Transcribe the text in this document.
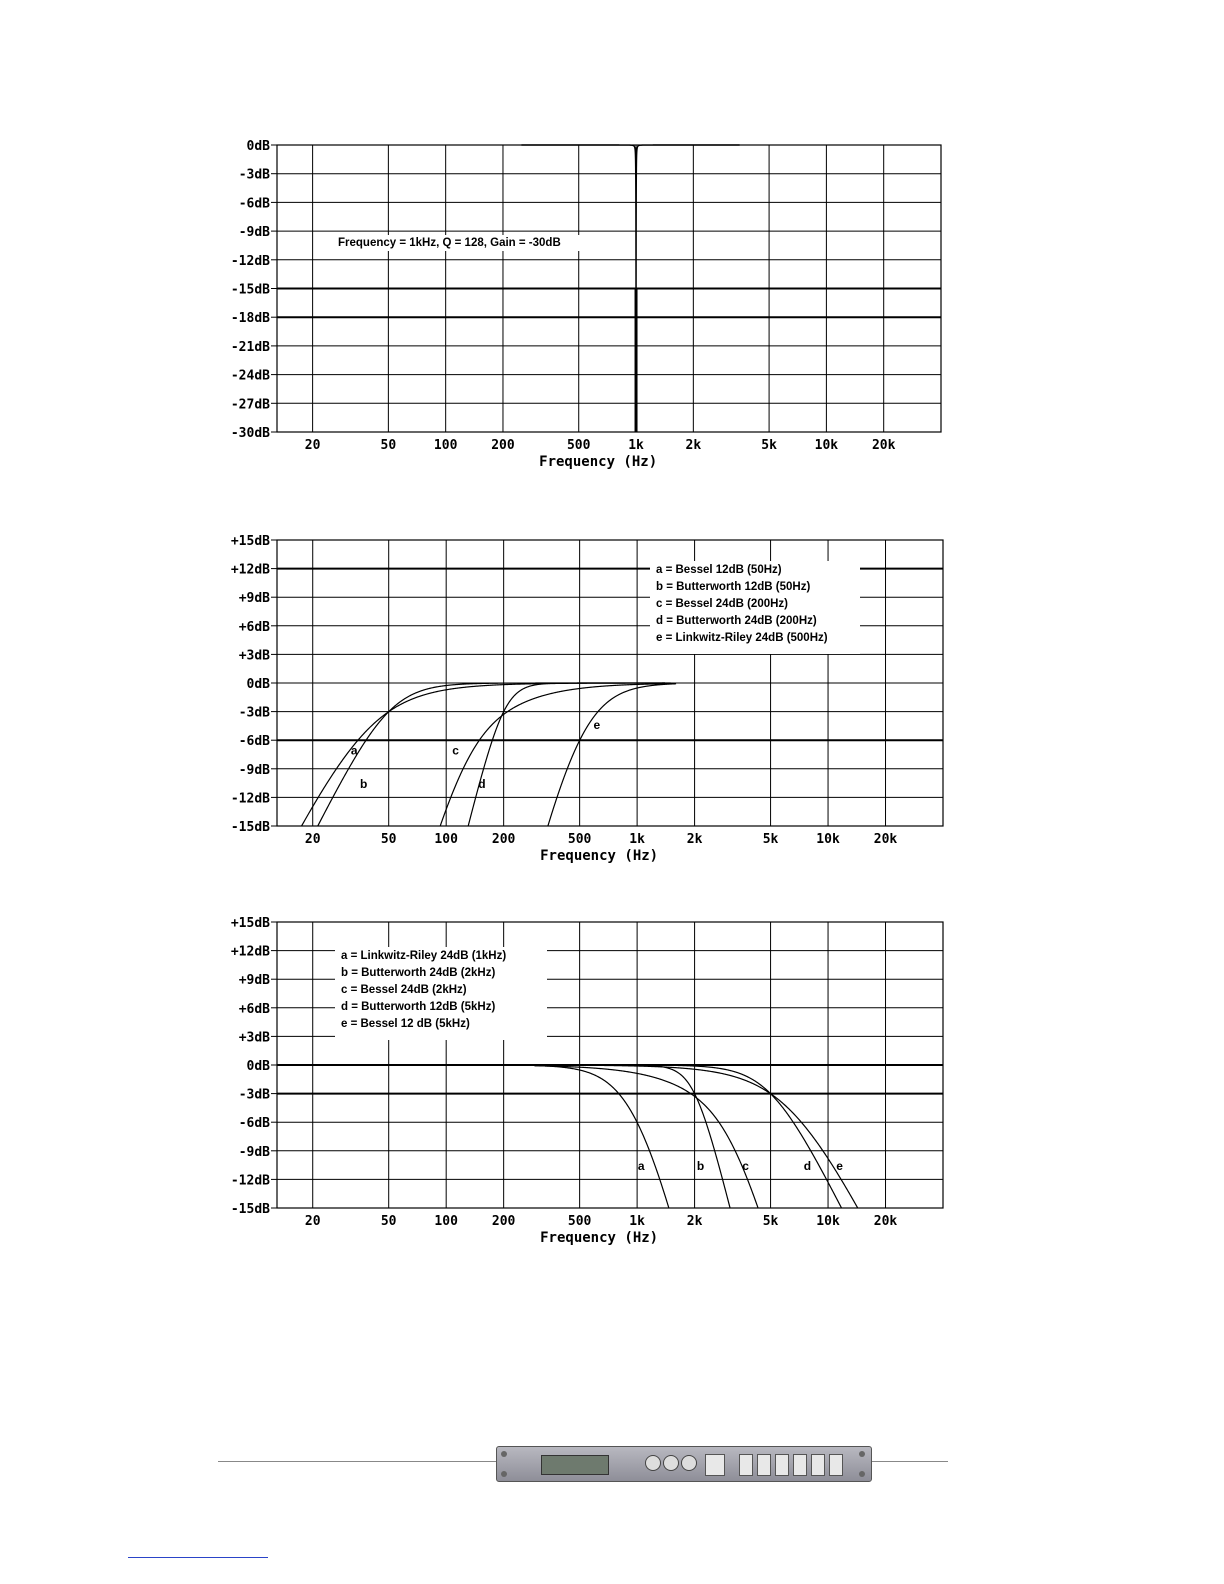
20	50	100	200	500	1k	2k	5k	10k	20k
0dB
-3dB
-6dB
-9dB
-12dB
-15dB
-18dB
-21dB
-24dB
-27dB
-30dB
Frequency (Hz)
Frequency = 1kHz, Q = 128, Gain = -30dB
20	50	100	200	500	1k	2k	5k	10k	20k
+15dB
+12dB
+9dB
+6dB
+3dB
0dB
-3dB
-6dB
-9dB
-12dB
-15dB
Frequency (Hz)
a = Bessel 12dB (50Hz)
b = Butterworth 12dB (50Hz)
c = Bessel 24dB (200Hz)
d = Butterworth 24dB (200Hz)
e = Linkwitz-Riley 24dB (500Hz)
a
b
c
d
e
20	50	100	200	500	1k	2k	5k	10k	20k
+15dB
+12dB
+9dB
+6dB
+3dB
0dB
-3dB
-6dB
-9dB
-12dB
-15dB
Frequency (Hz)
a = Linkwitz-Riley 24dB (1kHz)
b = Butterworth 24dB (2kHz)
c = Bessel 24dB (2kHz)
d = Butterworth 12dB (5kHz)
e = Bessel 12 dB (5kHz)
a	b	c	d e
